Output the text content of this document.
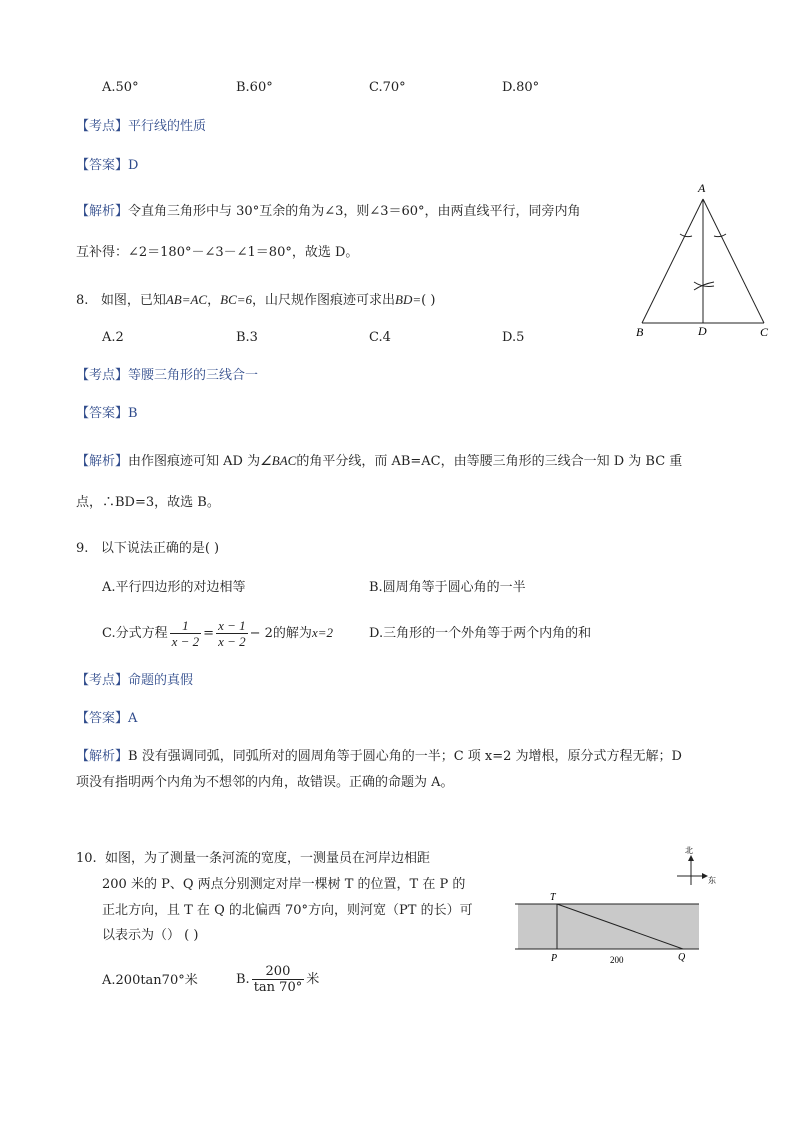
A.50°	B.60°	C.70°	D.80°
【考点】平行线的性质
【答案】D
【解析】令直角三角形中与 30°互余的角为∠3，则∠3＝60°，由两直线平行，同旁内角
互补得：∠2＝180°－∠3－∠1＝80°，故选 D。
A
B	D	C
8. 如图，已知AB=AC，BC=6，山尺规作图痕迹可求出BD=( )
A.2	B.3	C.4	D.5
【考点】等腰三角形的三线合一
【答案】B
【解析】由作图痕迹可知 AD 为∠BAC的角平分线，而 AB=AC，由等腰三角形的三线合一知 D 为 BC 重
点，∴BD=3，故选 B。
9. 以下说法正确的是( )
A.平行四边形的对边相等	B.圆周角等于圆心角的一半
C.分式方程 $\frac{1}{x - 2} = \frac{x - 1}{x - 2} - 2$的解为x=2	D.三角形的一个外角等于两个内角的和
【考点】命题的真假
【答案】A
【解析】B 没有强调同弧，同弧所对的圆周角等于圆心角的一半；C 项 x=2 为增根，原分式方程无解；D
项没有指明两个内角为不想邻的内角，故错误。正确的命题为 A。
10. 如图，为了测量一条河流的宽度，一测量员在河岸边相距
200 米的 P、Q 两点分别测定对岸一棵树 T 的位置，T 在 P 的
正北方向，且 T 在 Q 的北偏西 70°方向，则河宽（PT 的长）可
以表示为（） ( )
A.200tan70°米	B. $\frac{200}{\tan 70^\circ}$ 米
北
东
T
P	Q
200
